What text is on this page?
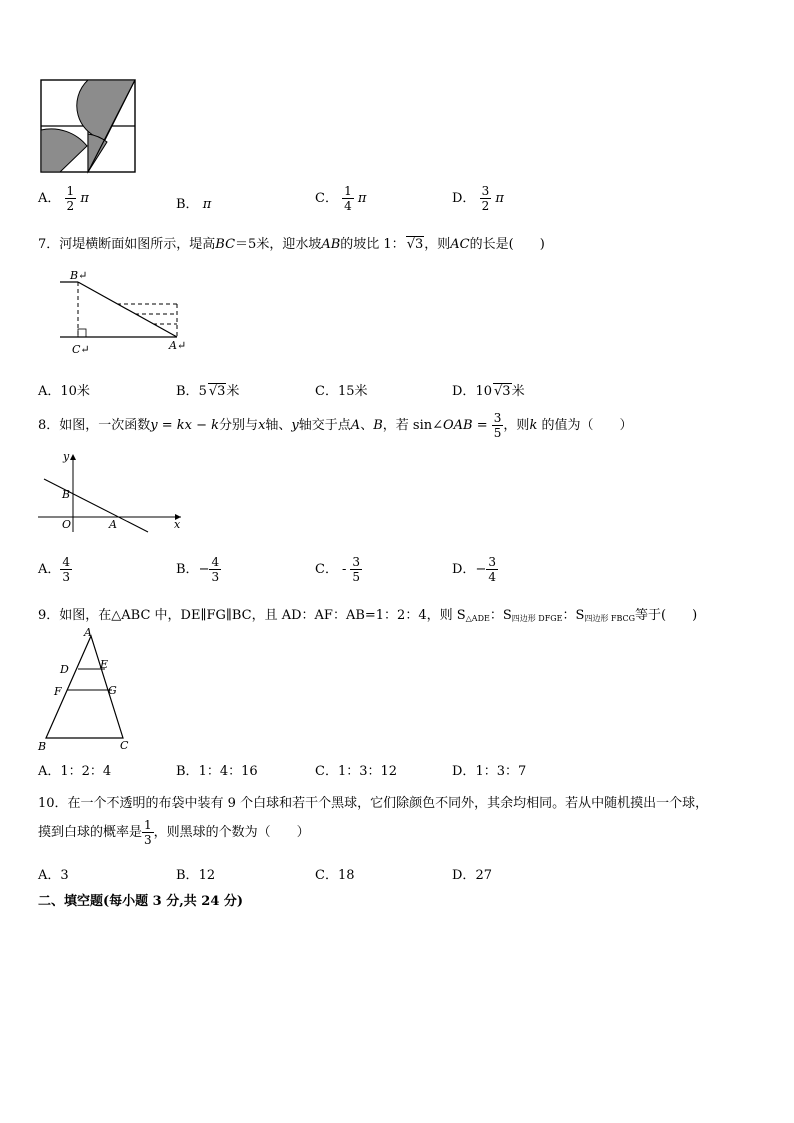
A． $\frac{1}{2}$ π	B． π	C． $\frac{1}{4}$ π	D． $\frac{3}{2}$ π
7．河堤横断面如图所示，堤高BC＝5米，迎水坡AB的坡比 1： √3，则AC的长是(　　)
B↵
C↵	A↵
A．10米	B．5 √3米	C．15米	D．10 √3米
8．如图，一次函数y = kx − k分别与x轴、y轴交于点A、B，若 sin∠OAB = $\frac{3}{5}$ ，则k 的值为（　　）
y
x
B
O	A
A． $\frac{4}{3}$	B．− $\frac{4}{3}$	C． - $\frac{3}{5}$	D．− $\frac{3}{4}$
9．如图，在△ABC 中，DE∥FG∥BC，且 AD：AF：AB=1：2：4，则 $S_{\triangle ADE}$：$S_{四边形 DFGE}$：$S_{四边形 FBCG}$等于(　　)
A
D	E
F	G
B	C
A．1：2：4	B．1：4：16	C．1：3：12	D．1：3：7
10．在一个不透明的布袋中装有 9 个白球和若干个黑球，它们除颜色不同外，其余均相同。若从中随机摸出一个球，
摸到白球的概率是 $\frac{1}{3}$ ，则黑球的个数为（　　）
A．3	B．12	C．18	D．27
二、填空题(每小题 3 分,共 24 分)
